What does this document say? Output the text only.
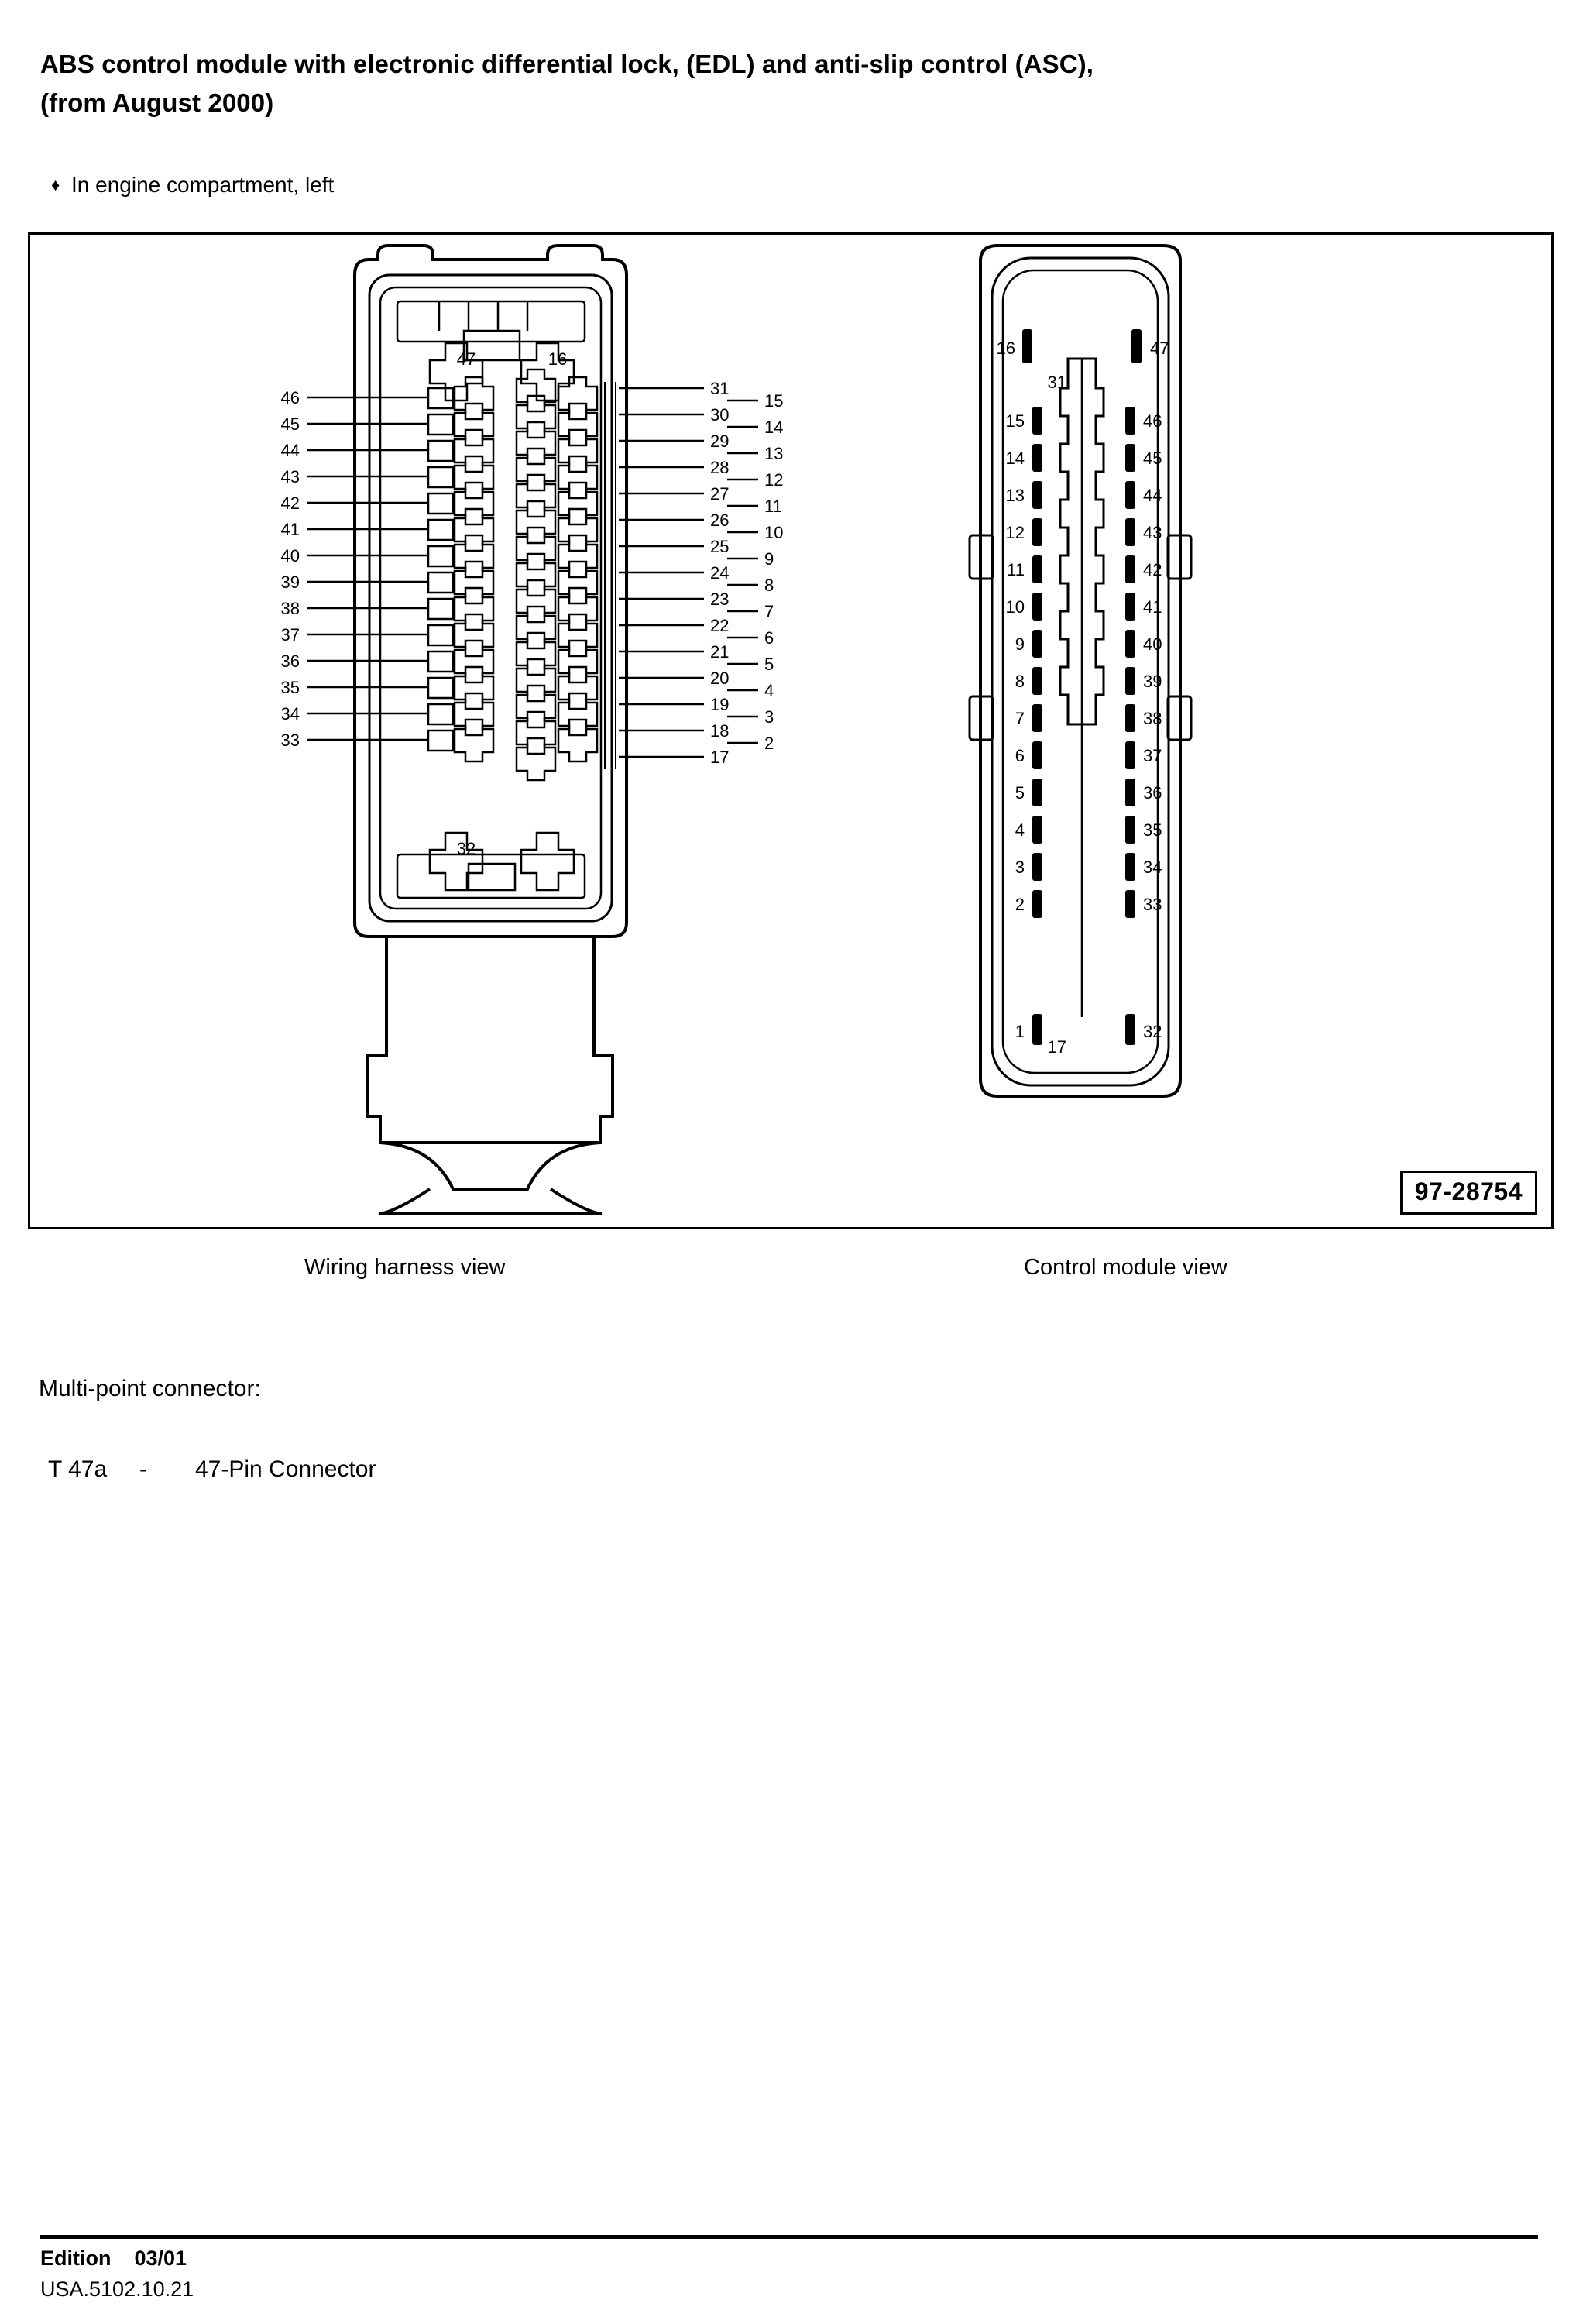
ABS control module with electronic differential lock, (EDL) and anti-slip control (ASC),
(from August 2000)
♦ In engine compartment, left
47	16
32
46
45
44
43
42
41
40
39
38
37
36
35
34
33
31
30
29
28
27
26
25
24
23
22
21
20
19
18
17
15
14
13
12
11
10
9
8
7
6
5
4
3
2
16	47
31
17
15
14
13
12
11
10
9
8
7
6
5
4
3
2
1
46
45
44
43
42
41
40
39
38
37
36
35
34
33
32
97-28754
Wiring harness view	Control module view
Multi-point connector:
T 47a - 47-Pin Connector
Edition 03/01
USA.5102.10.21
